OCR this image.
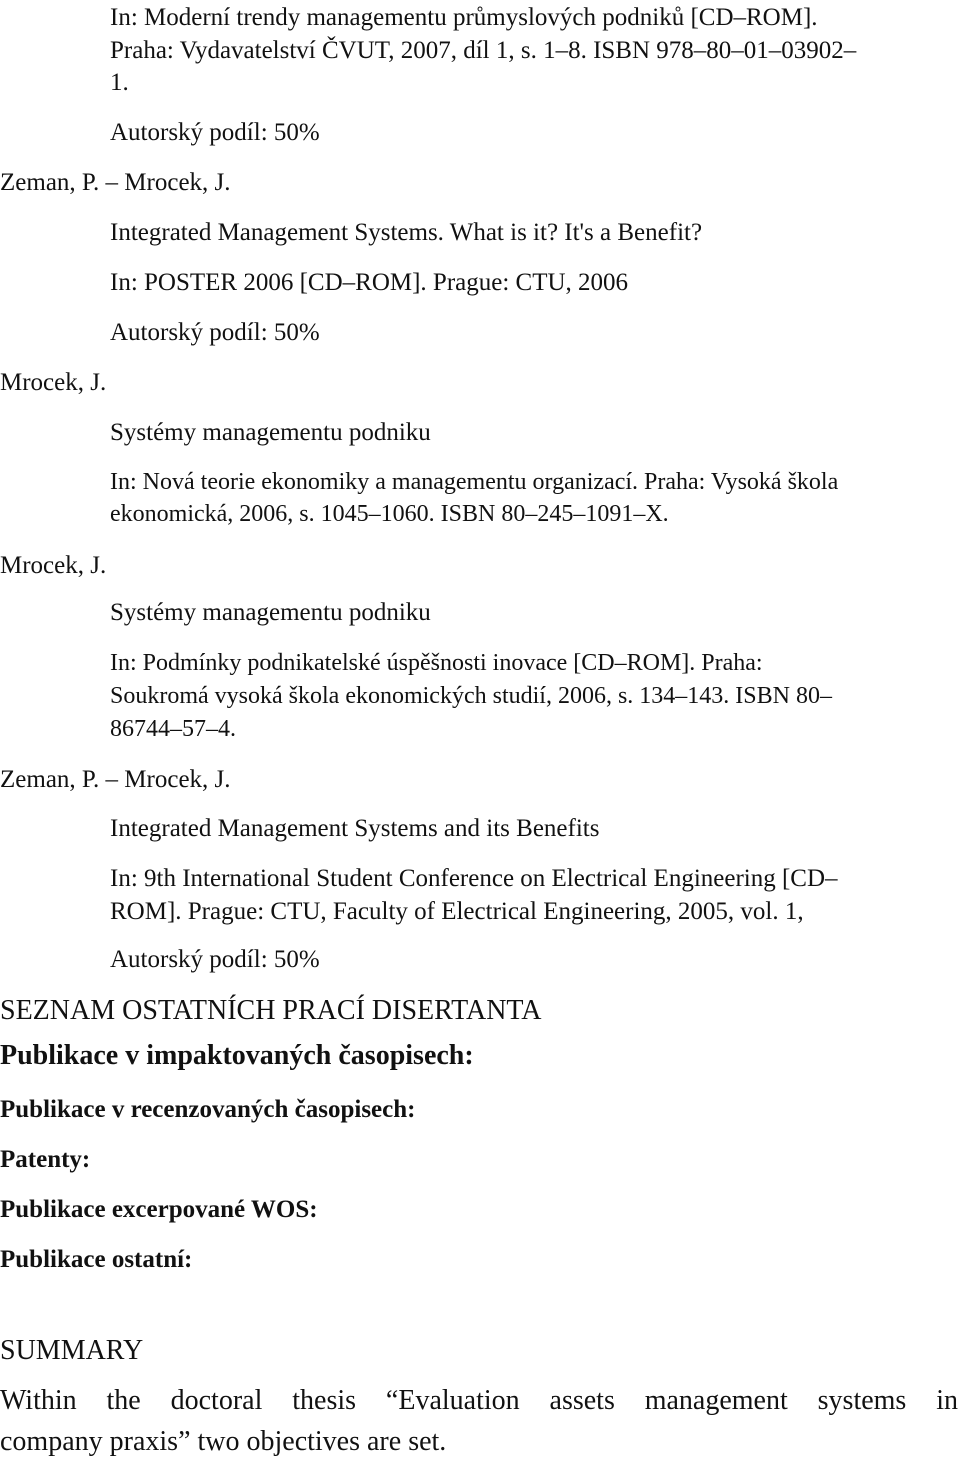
In: Moderní trendy managementu průmyslových podniků [CD–ROM].
Praha: Vydavatelství ČVUT, 2007, díl 1, s. 1–8. ISBN 978–80–01–03902–
1.
Autorský podíl: 50%
Zeman, P. – Mrocek, J.
Integrated Management Systems. What is it? It's a Benefit?
In: POSTER 2006 [CD–ROM]. Prague: CTU, 2006
Autorský podíl: 50%
Mrocek, J.
Systémy managementu podniku
In: Nová teorie ekonomiky a managementu organizací. Praha: Vysoká škola
ekonomická, 2006, s. 1045–1060. ISBN 80–245–1091–X.
Mrocek, J.
Systémy managementu podniku
In: Podmínky podnikatelské úspěšnosti inovace [CD–ROM]. Praha:
Soukromá vysoká škola ekonomických studií, 2006, s. 134–143. ISBN 80–
86744–57–4.
Zeman, P. – Mrocek, J.
Integrated Management Systems and its Benefits
In: 9th International Student Conference on Electrical Engineering [CD–
ROM]. Prague: CTU, Faculty of Electrical Engineering, 2005, vol. 1,
Autorský podíl: 50%
SEZNAM OSTATNÍCH PRACÍ DISERTANTA
Publikace v impaktovaných časopisech:
Publikace v recenzovaných časopisech:
Patenty:
Publikace excerpované WOS:
Publikace ostatní:
SUMMARY
Within the doctoral thesis “Evaluation assets management systems in
company praxis” two objectives are set.
